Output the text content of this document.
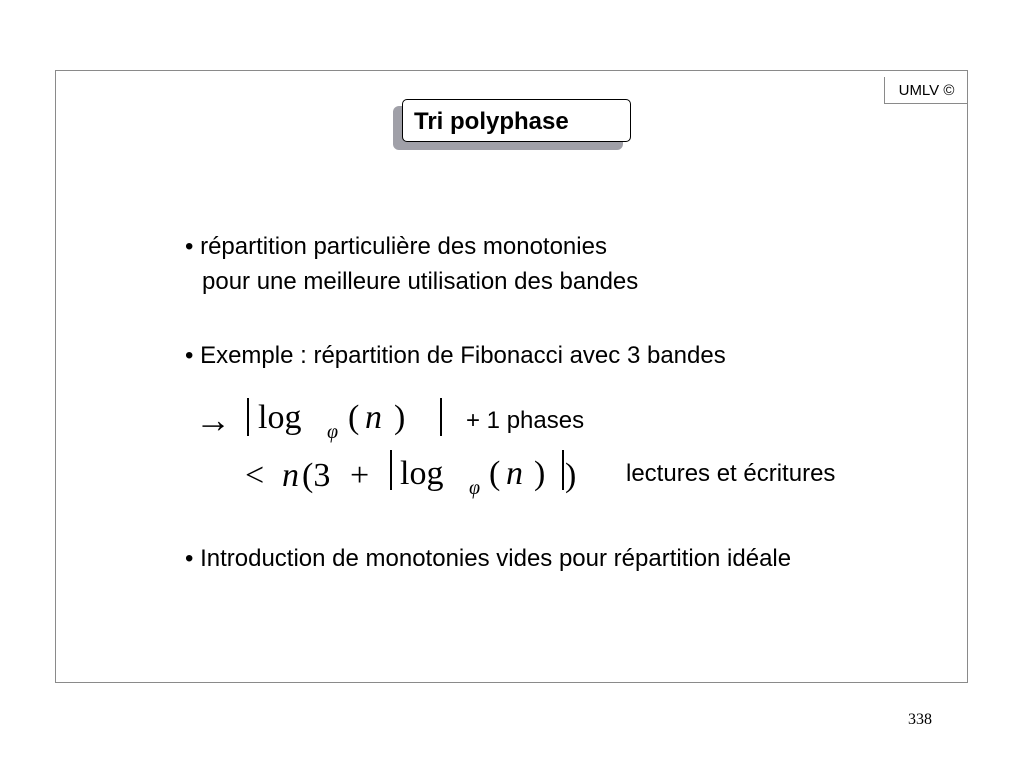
UMLV ©
Tri polyphase
• répartition particulière des monotonies
pour une meilleure utilisation des bandes
• Exemple : répartition de Fibonacci avec 3 bandes
→ log φ ( n )
< n (3 + log φ ( n ) )
+ 1 phases
lectures et écritures
• Introduction de monotonies vides pour répartition idéale
338
